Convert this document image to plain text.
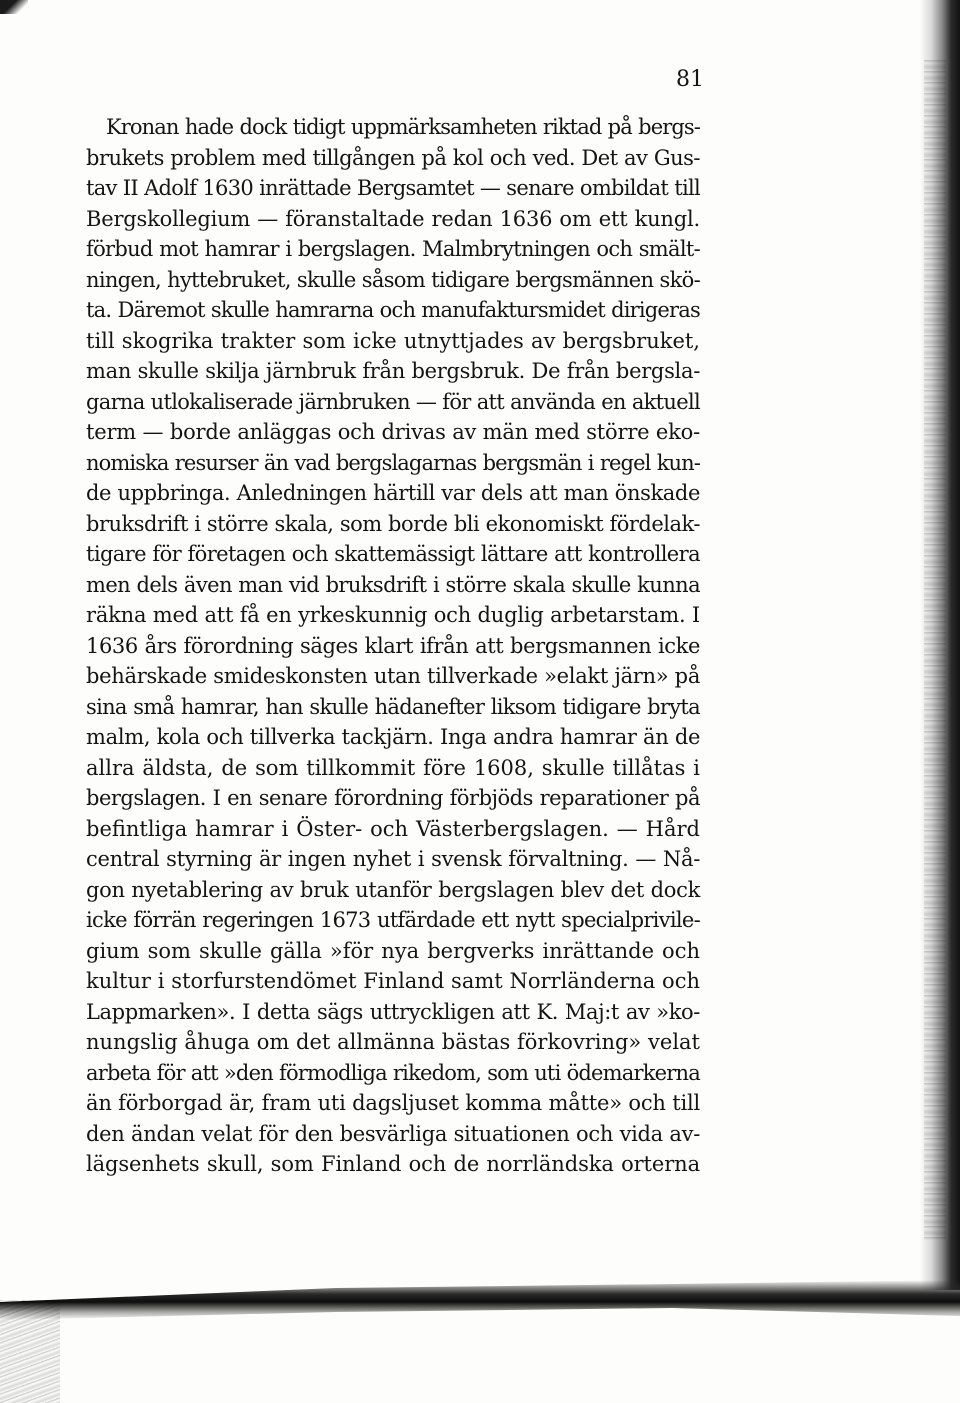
81
Kronan hade dock tidigt uppmärksamheten riktad på bergs-
brukets problem med tillgången på kol och ved. Det av Gus-
tav II Adolf 1630 inrättade Bergsamtet — senare ombildat till
Bergskollegium — föranstaltade redan 1636 om ett kungl.
förbud mot hamrar i bergslagen. Malmbrytningen och smält-
ningen, hyttebruket, skulle såsom tidigare bergsmännen skö-
ta. Däremot skulle hamrarna och manufaktursmidet dirigeras
till skogrika trakter som icke utnyttjades av bergsbruket,
man skulle skilja järnbruk från bergsbruk. De från bergsla-
garna utlokaliserade järnbruken — för att använda en aktuell
term — borde anläggas och drivas av män med större eko-
nomiska resurser än vad bergslagarnas bergsmän i regel kun-
de uppbringa. Anledningen härtill var dels att man önskade
bruksdrift i större skala, som borde bli ekonomiskt fördelak-
tigare för företagen och skattemässigt lättare att kontrollera
men dels även man vid bruksdrift i större skala skulle kunna
räkna med att få en yrkeskunnig och duglig arbetarstam. I
1636 års förordning säges klart ifrån att bergsmannen icke
behärskade smideskonsten utan tillverkade »elakt järn» på
sina små hamrar, han skulle hädanefter liksom tidigare bryta
malm, kola och tillverka tackjärn. Inga andra hamrar än de
allra äldsta, de som tillkommit före 1608, skulle tillåtas i
bergslagen. I en senare förordning förbjöds reparationer på
befintliga hamrar i Öster- och Västerbergslagen. — Hård
central styrning är ingen nyhet i svensk förvaltning. — Nå-
gon nyetablering av bruk utanför bergslagen blev det dock
icke förrän regeringen 1673 utfärdade ett nytt specialprivile-
gium som skulle gälla »för nya bergverks inrättande och
kultur i storfurstendömet Finland samt Norrländerna och
Lappmarken». I detta sägs uttryckligen att K. Maj:t av »ko-
nungslig åhuga om det allmänna bästas förkovring» velat
arbeta för att »den förmodliga rikedom, som uti ödemarkerna
än förborgad är, fram uti dagsljuset komma måtte» och till
den ändan velat för den besvärliga situationen och vida av-
lägsenhets skull, som Finland och de norrländska orterna
